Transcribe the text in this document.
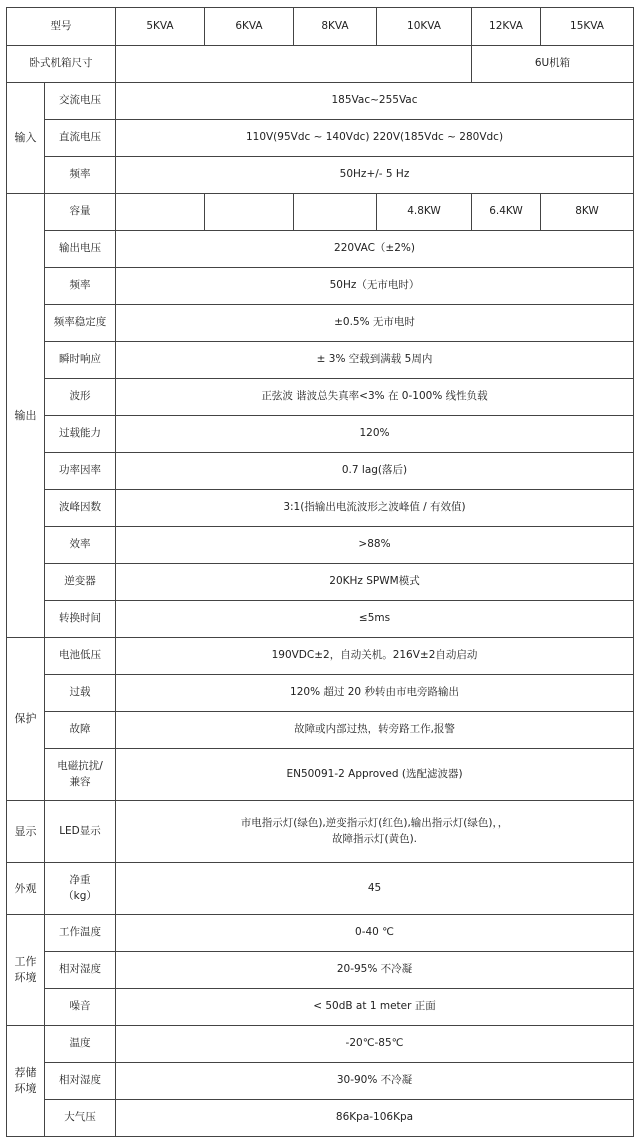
型号		5KVA	6KVA	8KVA	10KVA	12KVA	15KVA
卧式机箱尺寸						6U机箱	
输入	交流电压	185Vac~255Vac					
	直流电压	110V(95Vdc ~ 140Vdc) 220V(185Vdc ~ 280Vdc)					
	频率	50Hz+/- 5 Hz					
输出	容量				4.8KW	6.4KW	8KW
	输出电压	220VAC（±2%)					
	频率	50Hz（无市电时）					
	频率稳定度	±0.5% 无市电时					
	瞬时响应	± 3% 空载到满载 5周内					
	波形	正弦波 谐波总失真率<3% 在 0-100% 线性负载					
	过载能力	120%					
	功率因率	0.7 lag(落后)					
	波峰因数	3:1(指输出电流波形之波峰值 / 有效值)					
	效率	>88%					
	逆变器	20KHz SPWM模式					
	转换时间	≤5ms					
保护	电池低压	190VDC±2，自动关机。216V±2自动启动					
	过载	120% 超过 20 秒转由市电旁路输出					
	故障	故障或内部过热，转旁路工作,报警					
	电磁抗扰/
兼容	EN50091-2 Approved (选配滤波器)					
显示	LED显示	市电指示灯(绿色),逆变指示灯(红色),输出指示灯(绿色)，，
故障指示灯(黄色).					
外观	净重
（kg）	45					
工作
环境	工作温度	0-40 ℃					
	相对湿度	20-95% 不冷凝					
	噪音	< 50dB at 1 meter 正面					
荐储
环境	温度	-20℃-85℃					
	相对湿度	30-90% 不冷凝					
	大气压	86Kpa-106Kpa					
